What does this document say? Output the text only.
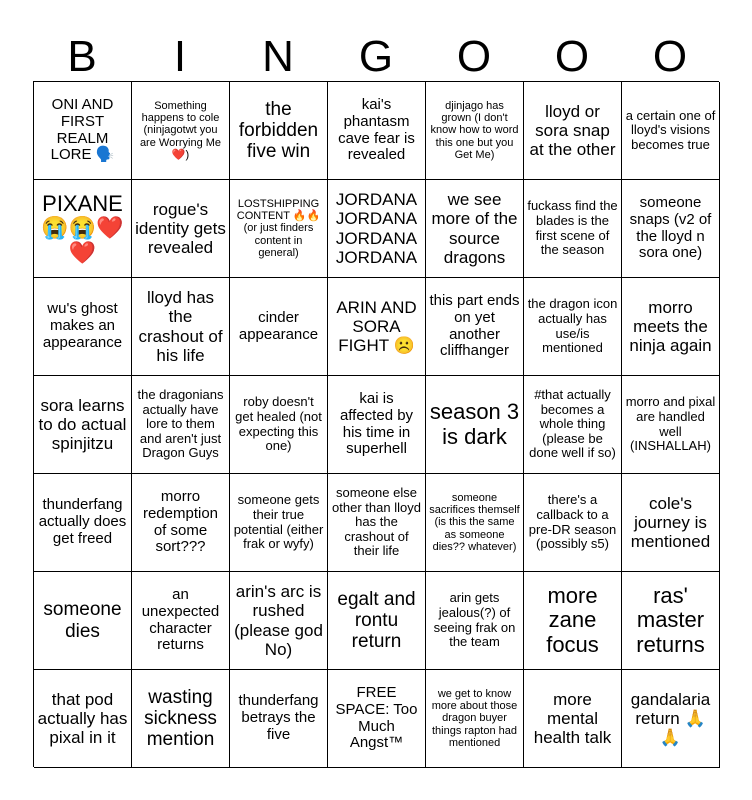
B	I	N	G	O	O	O
ONI AND FIRST REALM LORE 🗣️
Something happens to cole (ninjagotwt you are Worrying Me ❤️)
the forbidden five win
kai's phantasm cave fear is revealed
djinjago has grown (I don't know how to word this one but you Get Me)
lloyd or sora snap at the other
a certain one of lloyd's visions becomes true
PIXANE 😭😭❤️❤️
rogue's identity gets revealed
LOSTSHIPPING CONTENT 🔥🔥 (or just finders content in general)
JORDANA JORDANA JORDANA JORDANA
we see more of the source dragons
fuckass find the blades is the first scene of the season
someone snaps (v2 of the lloyd n sora one)
wu's ghost makes an appearance
lloyd has the crashout of his life
cinder appearance
ARIN AND SORA FIGHT ☹️
this part ends on yet another cliffhanger
the dragon icon actually has use/is mentioned
morro meets the ninja again
sora learns to do actual spinjitzu
the dragonians actually have lore to them and aren't just Dragon Guys
roby doesn't get healed (not expecting this one)
kai is affected by his time in superhell
season 3 is dark
#that actually becomes a whole thing (please be done well if so)
morro and pixal are handled well (INSHALLAH)
thunderfang actually does get freed
morro redemption of some sort???
someone gets their true potential (either frak or wyfy)
someone else other than lloyd has the crashout of their life
someone sacrifices themself (is this the same as someone dies?? whatever)
there's a callback to a pre-DR season (possibly s5)
cole's journey is mentioned
someone dies
an unexpected character returns
arin's arc is rushed (please god No)
egalt and rontu return
arin gets jealous(?) of seeing frak on the team
more zane focus
ras' master returns
that pod actually has pixal in it
wasting sickness mention
thunderfang betrays the five
FREE SPACE: Too Much Angst™
we get to know more about those dragon buyer things rapton had mentioned
more mental health talk
gandalaria return 🙏🙏
